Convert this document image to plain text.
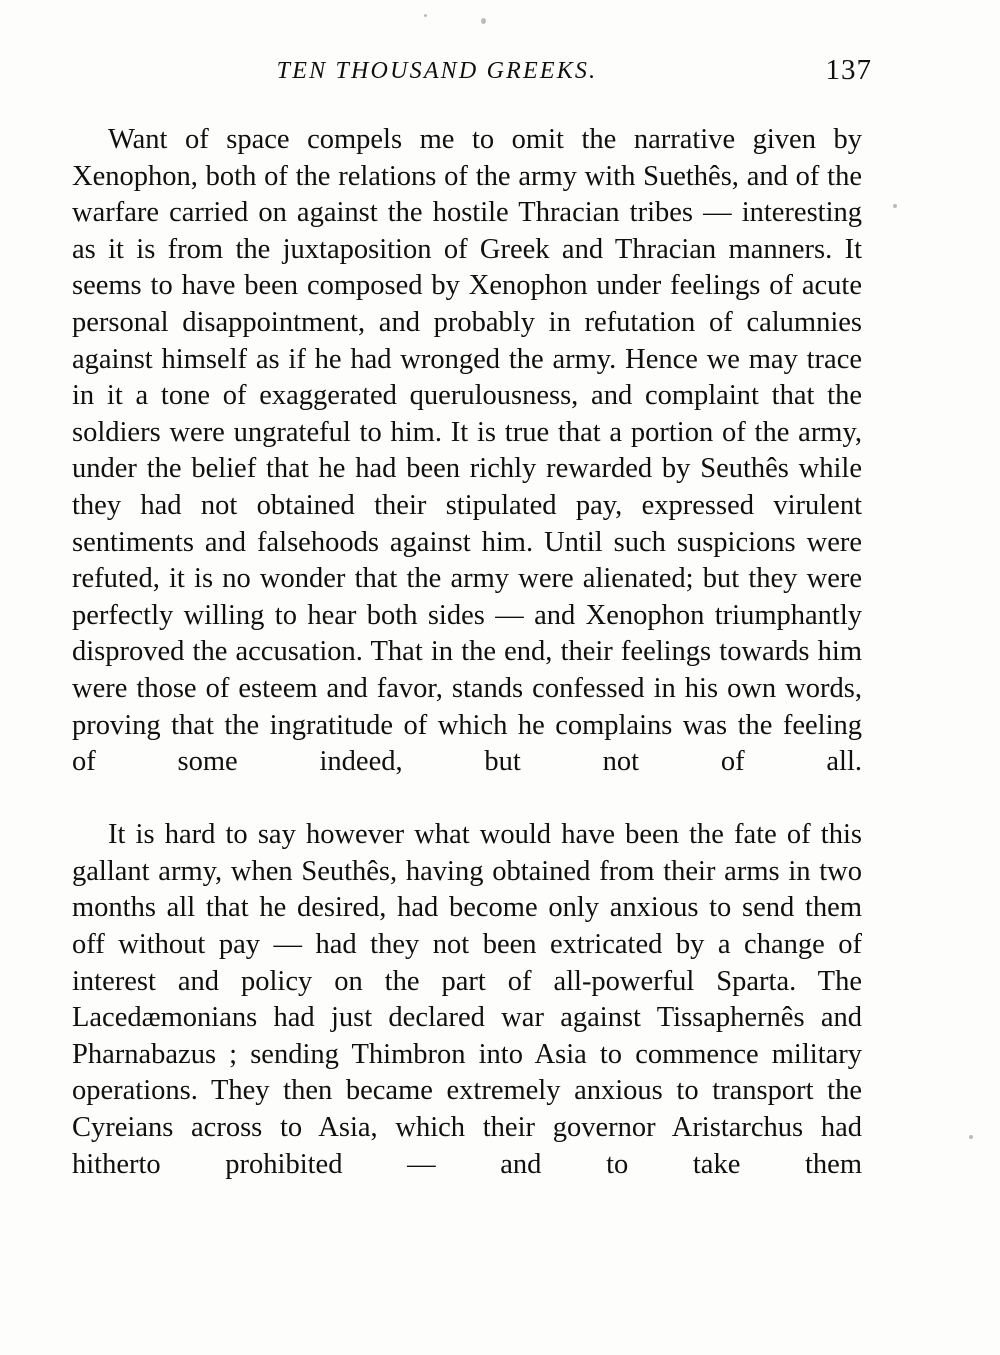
TEN THOUSAND GREEKS.	137

Want of space compels me to omit the narrative given by Xenophon, both of the relations of the army with Suethês, and of the warfare carried on against the hostile Thracian tribes — interesting as it is from the juxtaposition of Greek and Thracian manners. It seems to have been composed by Xenophon under feelings of acute personal disappointment, and probably in refutation of calumnies against himself as if he had wronged the army. Hence we may trace in it a tone of exaggerated querulousness, and complaint that the soldiers were ungrateful to him. It is true that a portion of the army, under the belief that he had been richly rewarded by Seuthês while they had not obtained their stipulated pay, expressed virulent sentiments and falsehoods against him. Until such suspicions were refuted, it is no wonder that the army were alienated; but they were perfectly willing to hear both sides — and Xenophon triumphantly disproved the accusation. That in the end, their feelings towards him were those of esteem and favor, stands confessed in his own words, proving that the ingratitude of which he complains was the feeling of some indeed, but not of all.

It is hard to say however what would have been the fate of this gallant army, when Seuthês, having obtained from their arms in two months all that he desired, had become only anxious to send them off without pay — had they not been extricated by a change of interest and policy on the part of all-powerful Sparta. The Lacedæmonians had just declared war against Tissaphernês and Pharnabazus ; sending Thimbron into Asia to commence military operations. They then became extremely anxious to transport the Cyreians across to Asia, which their governor Aristarchus had hitherto prohibited — and to take them
